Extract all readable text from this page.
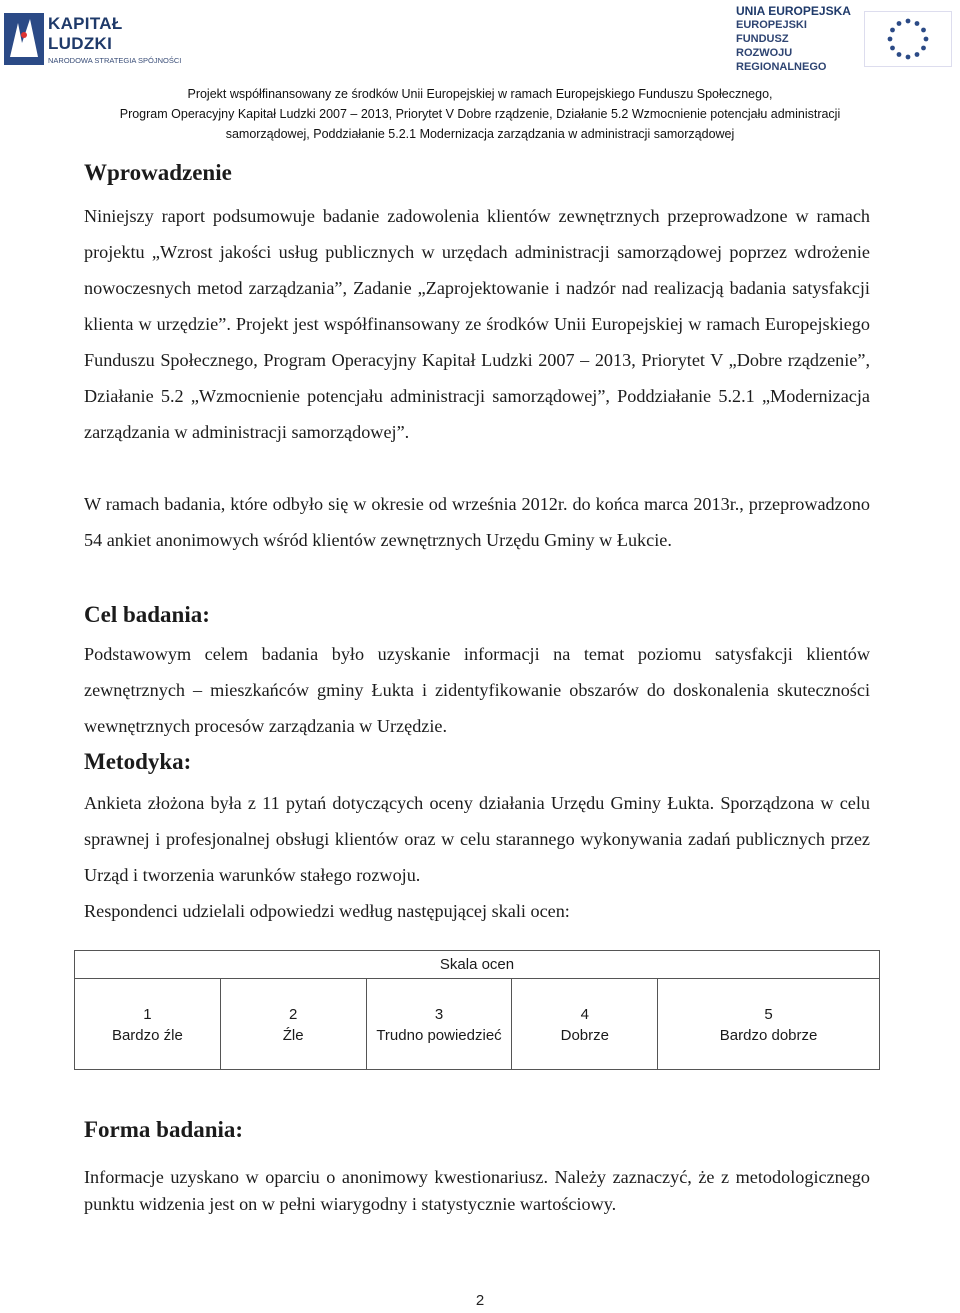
KAPITAŁ LUDZKI
NARODOWA STRATEGIA SPÓJNOŚCI
UNIA EUROPEJSKA
EUROPEJSKI FUNDUSZ
ROZWOJU REGIONALNEGO
Projekt współfinansowany ze środków Unii Europejskiej w ramach Europejskiego Funduszu Społecznego,
Program Operacyjny Kapitał Ludzki 2007 – 2013, Priorytet V Dobre rządzenie, Działanie 5.2 Wzmocnienie potencjału administracji
samorządowej, Poddziałanie 5.2.1 Modernizacja zarządzania w administracji samorządowej
Wprowadzenie
Niniejszy raport podsumowuje badanie zadowolenia klientów zewnętrznych przeprowadzone w ramach projektu „Wzrost jakości usług publicznych w urzędach administracji samorządowej poprzez wdrożenie nowoczesnych metod zarządzania”, Zadanie „Zaprojektowanie i nadzór nad realizacją badania satysfakcji klienta w urzędzie”. Projekt jest współfinansowany ze środków Unii Europejskiej w ramach Europejskiego Funduszu Społecznego, Program Operacyjny Kapitał Ludzki 2007 – 2013, Priorytet V „Dobre rządzenie”, Działanie 5.2 „Wzmocnienie potencjału administracji samorządowej”, Poddziałanie 5.2.1 „Modernizacja zarządzania w administracji samorządowej”.
W ramach badania, które odbyło się w okresie od września 2012r. do końca marca 2013r., przeprowadzono 54 ankiet anonimowych wśród klientów zewnętrznych Urzędu Gminy w Łukcie.
Cel badania:
Podstawowym celem badania było uzyskanie informacji na temat poziomu satysfakcji klientów zewnętrznych – mieszkańców gminy Łukta i zidentyfikowanie obszarów do doskonalenia skuteczności wewnętrznych procesów zarządzania w Urzędzie.
Metodyka:
Ankieta złożona była z 11 pytań dotyczących oceny działania Urzędu Gminy Łukta. Sporządzona w celu sprawnej i profesjonalnej obsługi klientów oraz w celu starannego wykonywania zadań publicznych przez Urząd i tworzenia warunków stałego rozwoju.
Respondenci udzielali odpowiedzi według następującej skali ocen:
Skala ocen
1
Bardzo źle
2
Źle
3
Trudno powiedzieć
4
Dobrze
5
Bardzo dobrze
Forma badania:
Informacje uzyskano w oparciu o anonimowy kwestionariusz. Należy zaznaczyć, że z metodologicznego punktu widzenia jest on w pełni wiarygodny i statystycznie wartościowy.
2
